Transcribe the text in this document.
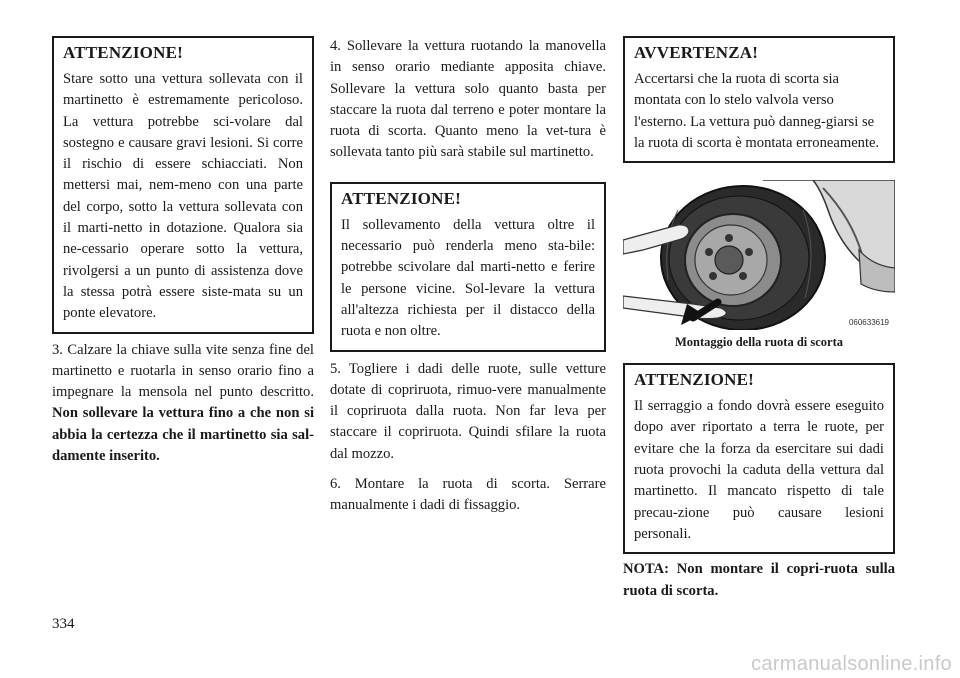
ATTENZIONE!

Stare sotto una vettura sollevata con il martinetto è estremamente pericoloso. La vettura potrebbe sci-volare dal sostegno e causare gravi lesioni. Si corre il rischio di essere schiacciati. Non mettersi mai, nem-meno con una parte del corpo, sotto la vettura sollevata con il marti-netto in dotazione. Qualora sia ne-cessario operare sotto la vettura, rivolgersi a un punto di assistenza dove la stessa potrà essere siste-mata su un ponte elevatore.

3. Calzare la chiave sulla vite senza fine del martinetto e ruotarla in senso orario fino a impegnare la mensola nel punto descritto. Non sollevare la vettura fino a che non si abbia la certezza che il martinetto sia sal-damente inserito.

4. Sollevare la vettura ruotando la manovella in senso orario mediante apposita chiave. Sollevare la vettura solo quanto basta per staccare la ruota dal terreno e poter montare la ruota di scorta. Quanto meno la vet-tura è sollevata tanto più sarà stabile sul martinetto.

ATTENZIONE!

Il sollevamento della vettura oltre il necessario può renderla meno sta-bile: potrebbe scivolare dal marti-netto e ferire le persone vicine. Sol-levare la vettura all'altezza richiesta per il distacco della ruota e non oltre.

5. Togliere i dadi delle ruote, sulle vetture dotate di copriruota, rimuo-vere manualmente il copriruota dalla ruota. Non far leva per staccare il copriruota. Quindi sfilare la ruota dal mozzo.

6. Montare la ruota di scorta. Serrare manualmente i dadi di fissaggio.

AVVERTENZA!

Accertarsi che la ruota di scorta sia montata con lo stelo valvola verso l'esterno. La vettura può danneg-giarsi se la ruota di scorta è montata erroneamente.

060633619
Montaggio della ruota di scorta
ATTENZIONE!

Il serraggio a fondo dovrà essere eseguito dopo aver riportato a terra le ruote, per evitare che la forza da esercitare sui dadi ruota provochi la caduta della vettura dal martinetto. Il mancato rispetto di tale precau-zione può causare lesioni personali.

NOTA: Non montare il copri-ruota sulla ruota di scorta.

334
carmanualsonline.info
